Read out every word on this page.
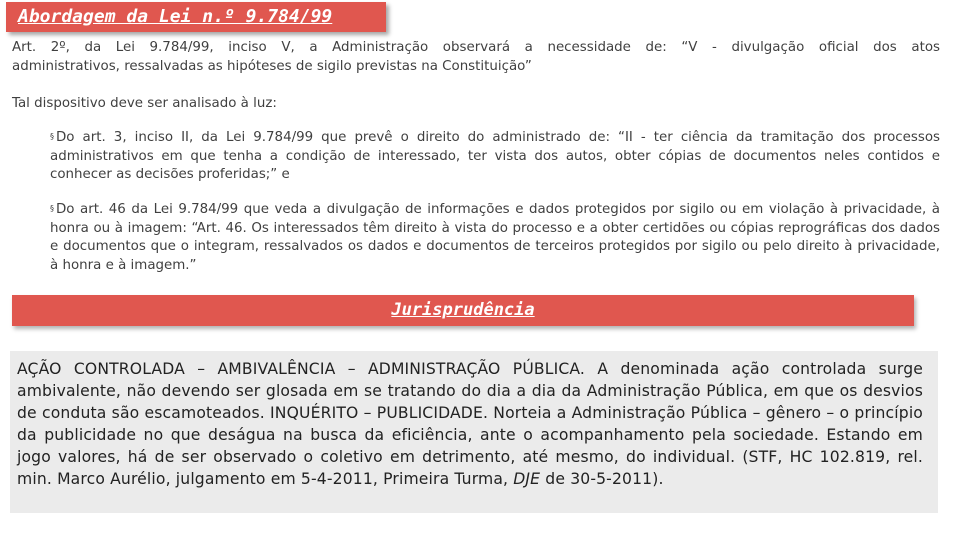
Abordagem da Lei n.º 9.784/99

Art. 2º, da Lei 9.784/99, inciso V, a Administração observará a necessidade de: “V - divulgação oficial dos atos
administrativos, ressalvadas as hipóteses de sigilo previstas na Constituição”

Tal dispositivo deve ser analisado à luz:

§ Do art. 3, inciso II, da Lei 9.784/99 que prevê o direito do administrado de: “II - ter ciência da tramitação dos processos administrativos em que tenha a condição de interessado, ter vista dos autos, obter cópias de documentos neles contidos e conhecer as decisões proferidas;” e

§ Do art. 46 da Lei 9.784/99 que veda a divulgação de informações e dados protegidos por sigilo ou em violação à privacidade, à honra ou à imagem: “Art. 46. Os interessados têm direito à vista do processo e a obter certidões ou cópias reprográficas dos dados e documentos que o integram, ressalvados os dados e documentos de terceiros protegidos por sigilo ou pelo direito à privacidade, à honra e à imagem.”

Jurisprudência

AÇÃO CONTROLADA – AMBIVALÊNCIA – ADMINISTRAÇÃO PÚBLICA. A denominada ação controlada surge ambivalente, não devendo ser glosada em se tratando do dia a dia da Administração Pública, em que os desvios de conduta são escamoteados. INQUÉRITO – PUBLICIDADE. Norteia a Administração Pública – gênero – o princípio da publicidade no que deságua na busca da eficiência, ante o acompanhamento pela sociedade. Estando em jogo valores, há de ser observado o coletivo em detrimento, até mesmo, do individual. (STF, HC 102.819, rel. min. Marco Aurélio, julgamento em 5-4-2011, Primeira Turma, DJE de 30-5-2011).
